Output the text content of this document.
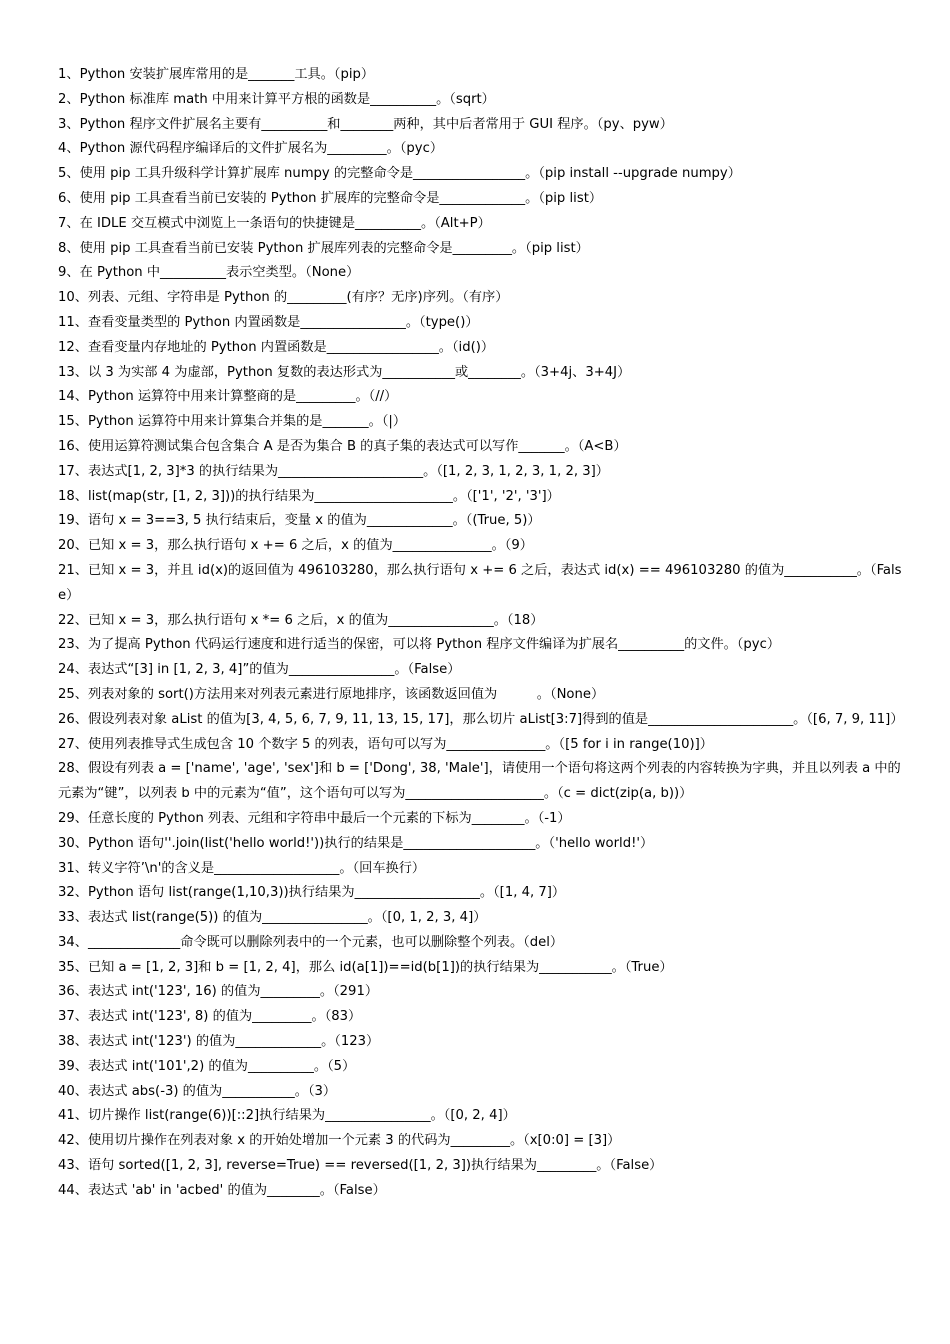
1、Python 安装扩展库常用的是_______工具。（pip）
2、Python 标准库 math 中用来计算平方根的函数是__________。（sqrt）
3、Python 程序文件扩展名主要有__________和________两种，其中后者常用于 GUI 程序。（py、pyw）
4、Python 源代码程序编译后的文件扩展名为_________。（pyc）
5、使用 pip 工具升级科学计算扩展库 numpy 的完整命令是_________________。（pip install --upgrade numpy）
6、使用 pip 工具查看当前已安装的 Python 扩展库的完整命令是_____________。（pip list）
7、在 IDLE 交互模式中浏览上一条语句的快捷键是__________。（Alt+P）
8、使用 pip 工具查看当前已安装 Python 扩展库列表的完整命令是_________。（pip list）
9、在 Python 中__________表示空类型。（None）
10、列表、元组、字符串是 Python 的_________(有序？无序)序列。（有序）
11、查看变量类型的 Python 内置函数是________________。（type()）
12、查看变量内存地址的 Python 内置函数是_________________。（id()）
13、以 3 为实部 4 为虚部，Python 复数的表达形式为___________或________。（3+4j、3+4J）
14、Python 运算符中用来计算整商的是_________。（//）
15、Python 运算符中用来计算集合并集的是_______。（|）
16、使用运算符测试集合包含集合 A 是否为集合 B 的真子集的表达式可以写作_______。（A<B）
17、表达式[1, 2, 3]*3 的执行结果为______________________。（[1, 2, 3, 1, 2, 3, 1, 2, 3]）
18、list(map(str, [1, 2, 3]))的执行结果为_____________________。（['1', '2', '3']）
19、语句 x = 3==3, 5 执行结束后，变量 x 的值为_____________。（(True, 5)）
20、已知 x = 3，那么执行语句 x += 6 之后，x 的值为_______________。（9）
21、已知 x = 3，并且 id(x)的返回值为 496103280，那么执行语句 x += 6 之后，表达式 id(x) == 496103280 的值为___________。（False）
22、已知 x = 3，那么执行语句 x *= 6 之后，x 的值为________________。（18）
23、为了提高 Python 代码运行速度和进行适当的保密，可以将 Python 程序文件编译为扩展名__________的文件。（pyc）
24、表达式“[3] in [1, 2, 3, 4]”的值为________________。（False）
25、列表对象的 sort()方法用来对列表元素进行原地排序，该函数返回值为　　　。（None）
26、假设列表对象 aList 的值为[3, 4, 5, 6, 7, 9, 11, 13, 15, 17]，那么切片 aList[3:7]得到的值是______________________。（[6, 7, 9, 11]）
27、使用列表推导式生成包含 10 个数字 5 的列表，语句可以写为_______________。（[5 for i in range(10)]）
28、假设有列表 a = ['name', 'age', 'sex']和 b = ['Dong', 38, 'Male']，请使用一个语句将这两个列表的内容转换为字典，并且以列表 a 中的元素为“键”，以列表 b 中的元素为“值”，这个语句可以写为_____________________。（c = dict(zip(a, b))）
29、任意长度的 Python 列表、元组和字符串中最后一个元素的下标为________。（-1）
30、Python 语句''.join(list('hello world!'))执行的结果是____________________。（'hello world!'）
31、转义字符’\n'的含义是___________________。（回车换行）
32、Python 语句 list(range(1,10,3))执行结果为___________________。（[1, 4, 7]）
33、表达式 list(range(5)) 的值为________________。（[0, 1, 2, 3, 4]）
34、______________命令既可以删除列表中的一个元素，也可以删除整个列表。（del）
35、已知 a = [1, 2, 3]和 b = [1, 2, 4]，那么 id(a[1])==id(b[1])的执行结果为___________。（True）
36、表达式 int('123', 16) 的值为_________。（291）
37、表达式 int('123', 8) 的值为_________。（83）
38、表达式 int('123') 的值为_____________。（123）
39、表达式 int('101',2) 的值为__________。（5）
40、表达式 abs(-3) 的值为___________。（3）
41、切片操作 list(range(6))[::2]执行结果为________________。（[0, 2, 4]）
42、使用切片操作在列表对象 x 的开始处增加一个元素 3 的代码为_________。（x[0:0] = [3]）
43、语句 sorted([1, 2, 3], reverse=True) == reversed([1, 2, 3])执行结果为_________。（False）
44、表达式 'ab' in 'acbed' 的值为________。（False）
